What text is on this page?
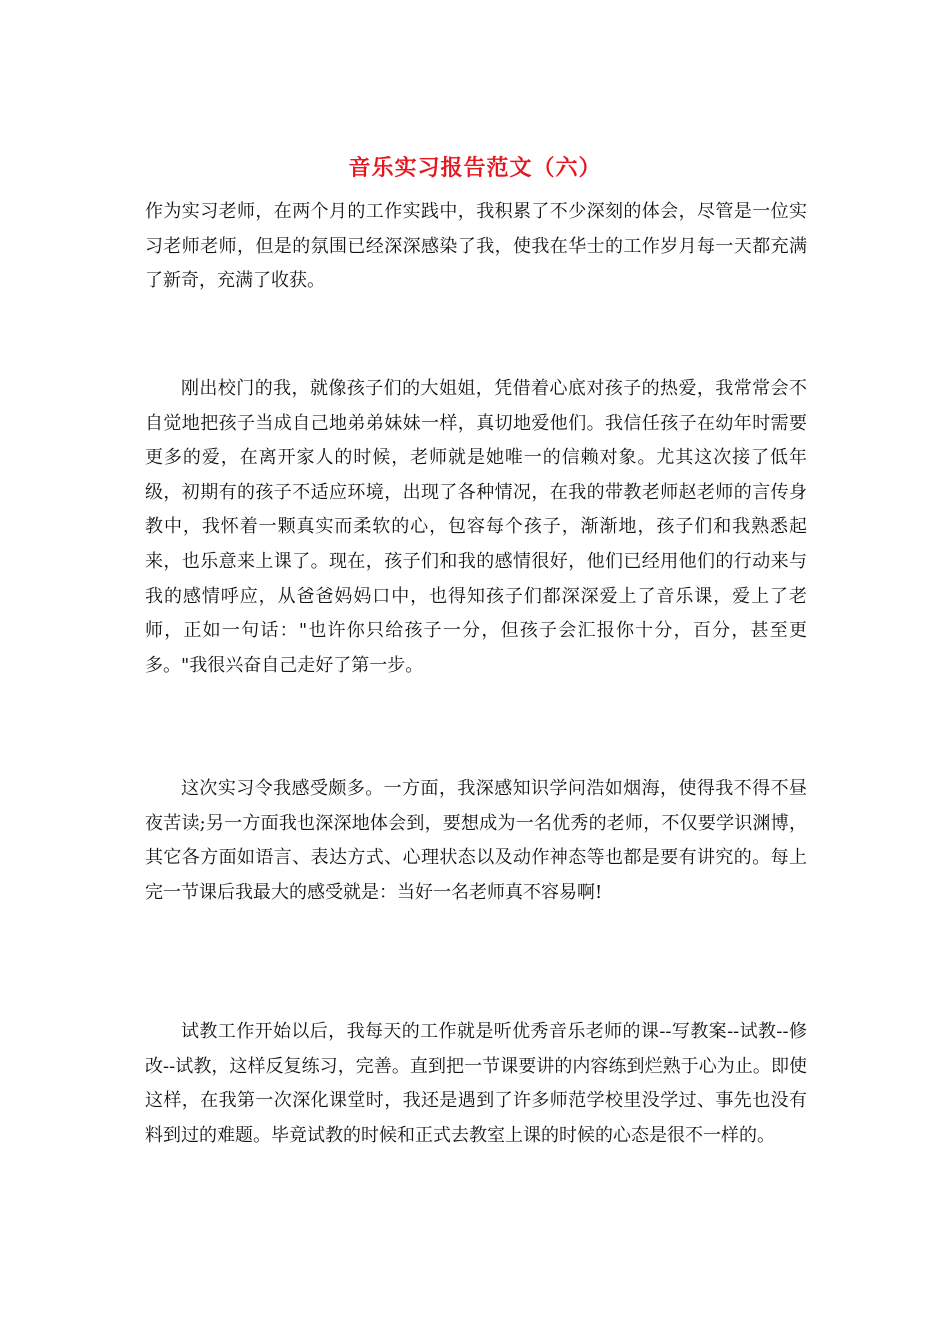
音乐实习报告范文（六）

作为实习老师，在两个月的工作实践中，我积累了不少深刻的体会，尽管是一位实习老师老师，但是的氛围已经深深感染了我，使我在华士的工作岁月每一天都充满了新奇，充满了收获。

刚出校门的我，就像孩子们的大姐姐，凭借着心底对孩子的热爱，我常常会不自觉地把孩子当成自己地弟弟妹妹一样，真切地爱他们。我信任孩子在幼年时需要更多的爱，在离开家人的时候，老师就是她唯一的信赖对象。尤其这次接了低年级，初期有的孩子不适应环境，出现了各种情况，在我的带教老师赵老师的言传身教中，我怀着一颗真实而柔软的心，包容每个孩子，渐渐地，孩子们和我熟悉起来，也乐意来上课了。现在，孩子们和我的感情很好，他们已经用他们的行动来与我的感情呼应，从爸爸妈妈口中，也得知孩子们都深深爱上了音乐课，爱上了老师，正如一句话："也许你只给孩子一分，但孩子会汇报你十分，百分，甚至更多。"我很兴奋自己走好了第一步。

这次实习令我感受颇多。一方面，我深感知识学问浩如烟海，使得我不得不昼夜苦读;另一方面我也深深地体会到，要想成为一名优秀的老师，不仅要学识渊博，其它各方面如语言、表达方式、心理状态以及动作神态等也都是要有讲究的。每上完一节课后我最大的感受就是：当好一名老师真不容易啊!

试教工作开始以后，我每天的工作就是听优秀音乐老师的课--写教案--试教--修改--试教，这样反复练习，完善。直到把一节课要讲的内容练到烂熟于心为止。即使这样，在我第一次深化课堂时，我还是遇到了许多师范学校里没学过、事先也没有料到过的难题。毕竟试教的时候和正式去教室上课的时候的心态是很不一样的。
